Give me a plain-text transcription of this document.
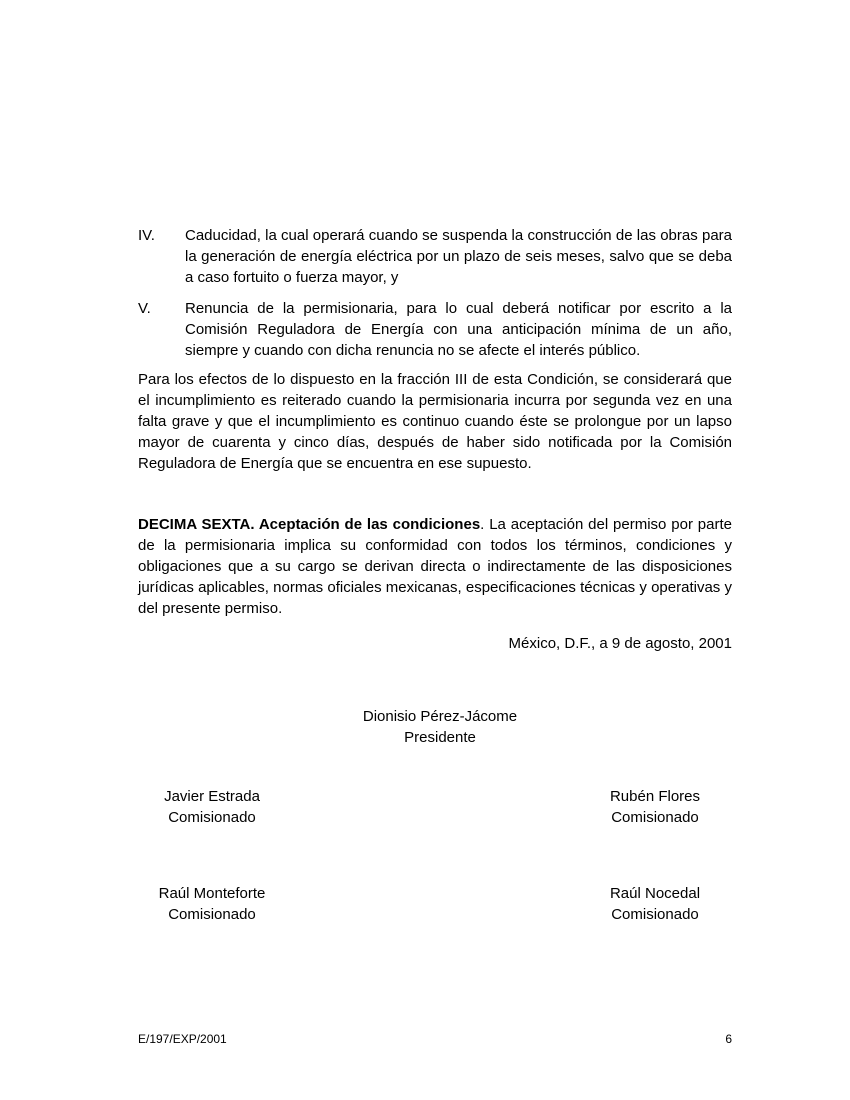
IV.	Caducidad, la cual operará cuando se suspenda la construcción de las obras para la generación de energía eléctrica por un plazo de seis meses, salvo que se deba a caso fortuito o fuerza mayor, y
V.	Renuncia de la permisionaria, para lo cual deberá notificar por escrito a la Comisión Reguladora de Energía con una anticipación mínima de un año, siempre y cuando con dicha renuncia no se afecte el interés público.
Para los efectos de lo dispuesto en la fracción III de esta Condición, se considerará que el incumplimiento es reiterado cuando la permisionaria incurra por segunda vez en una falta grave y que el incumplimiento es continuo cuando éste se prolongue por un lapso mayor de cuarenta y cinco días, después de haber sido notificada por la Comisión Reguladora de Energía que se encuentra en ese supuesto.
DECIMA SEXTA. Aceptación de las condiciones. La aceptación del permiso por parte de la permisionaria implica su conformidad con todos los términos, condiciones y obligaciones que a su cargo se derivan directa o indirectamente de las disposiciones jurídicas aplicables, normas oficiales mexicanas, especificaciones técnicas y operativas y del presente permiso.
México, D.F., a 9 de agosto, 2001
Dionisio Pérez-Jácome
Presidente
Javier Estrada
Comisionado
Rubén Flores
Comisionado
Raúl Monteforte
Comisionado
Raúl Nocedal
Comisionado
E/197/EXP/2001	6
